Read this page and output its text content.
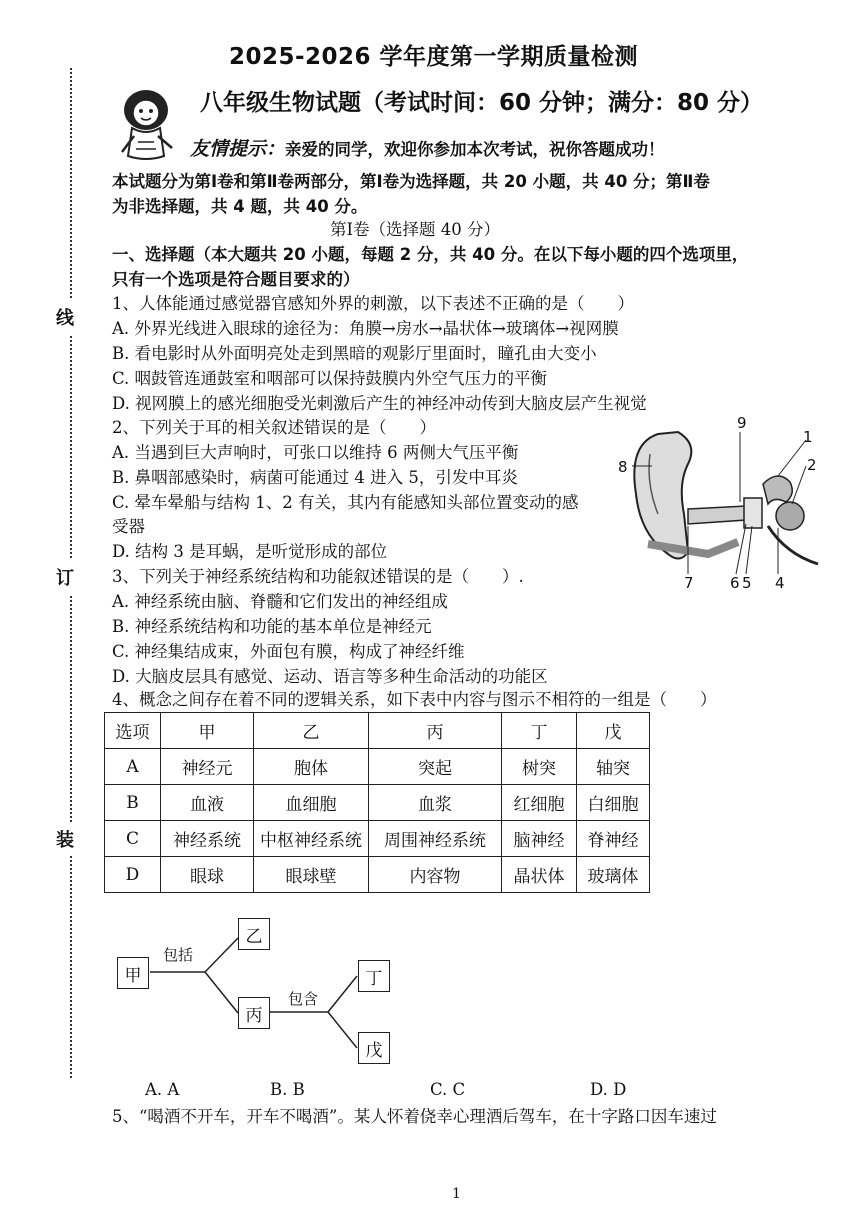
线
订
装
2025-2026 学年度第一学期质量检测
八年级生物试题（考试时间：60 分钟；满分：80 分）
友情提示：亲爱的同学，欢迎你参加本次考试，祝你答题成功！
本试题分为第Ⅰ卷和第Ⅱ卷两部分，第Ⅰ卷为选择题，共 20 小题，共 40 分；第Ⅱ卷
为非选择题，共 4 题，共 40 分。
第Ⅰ卷（选择题 40 分）
一、选择题（本大题共 20 小题，每题 2 分，共 40 分。在以下每小题的四个选项里，
只有一个选项是符合题目要求的）
1、人体能通过感觉器官感知外界的刺激，以下表述不正确的是（　　）
A. 外界光线进入眼球的途径为：角膜→房水→晶状体→玻璃体→视网膜
B. 看电影时从外面明亮处走到黑暗的观影厅里面时，瞳孔由大变小
C. 咽鼓管连通鼓室和咽部可以保持鼓膜内外空气压力的平衡
D. 视网膜上的感光细胞受光刺激后产生的神经冲动传到大脑皮层产生视觉
2、下列关于耳的相关叙述错误的是（　　）
A. 当遇到巨大声响时，可张口以维持 6 两侧大气压平衡
B. 鼻咽部感染时，病菌可能通过 4 进入 5，引发中耳炎
C. 晕车晕船与结构 1、2 有关，其内有能感知头部位置变动的感
受器
D. 结构 3 是耳蜗，是听觉形成的部位
9
1
2
8
7 6 5 4
3、下列关于神经系统结构和功能叙述错误的是（　　）.
A. 神经系统由脑、脊髓和它们发出的神经组成
B. 神经系统结构和功能的基本单位是神经元
C. 神经集结成束，外面包有膜，构成了神经纤维
D. 大脑皮层具有感觉、运动、语言等多种生命活动的功能区
4、概念之间存在着不同的逻辑关系，如下表中内容与图示不相符的一组是（　　）
选项	甲	乙	丙	丁	戊
A	神经元	胞体	突起	树突	轴突
B	血液	血细胞	血浆	红细胞	白细胞
C	神经系统	中枢神经系统	周围神经系统	脑神经	脊神经
D	眼球	眼球壁	内容物	晶状体	玻璃体
甲
乙
丙
丁
戊
包括
包含
A. A	B. B	C. C	D. D
5、“喝酒不开车，开车不喝酒”。某人怀着侥幸心理酒后驾车，在十字路口因车速过
1
